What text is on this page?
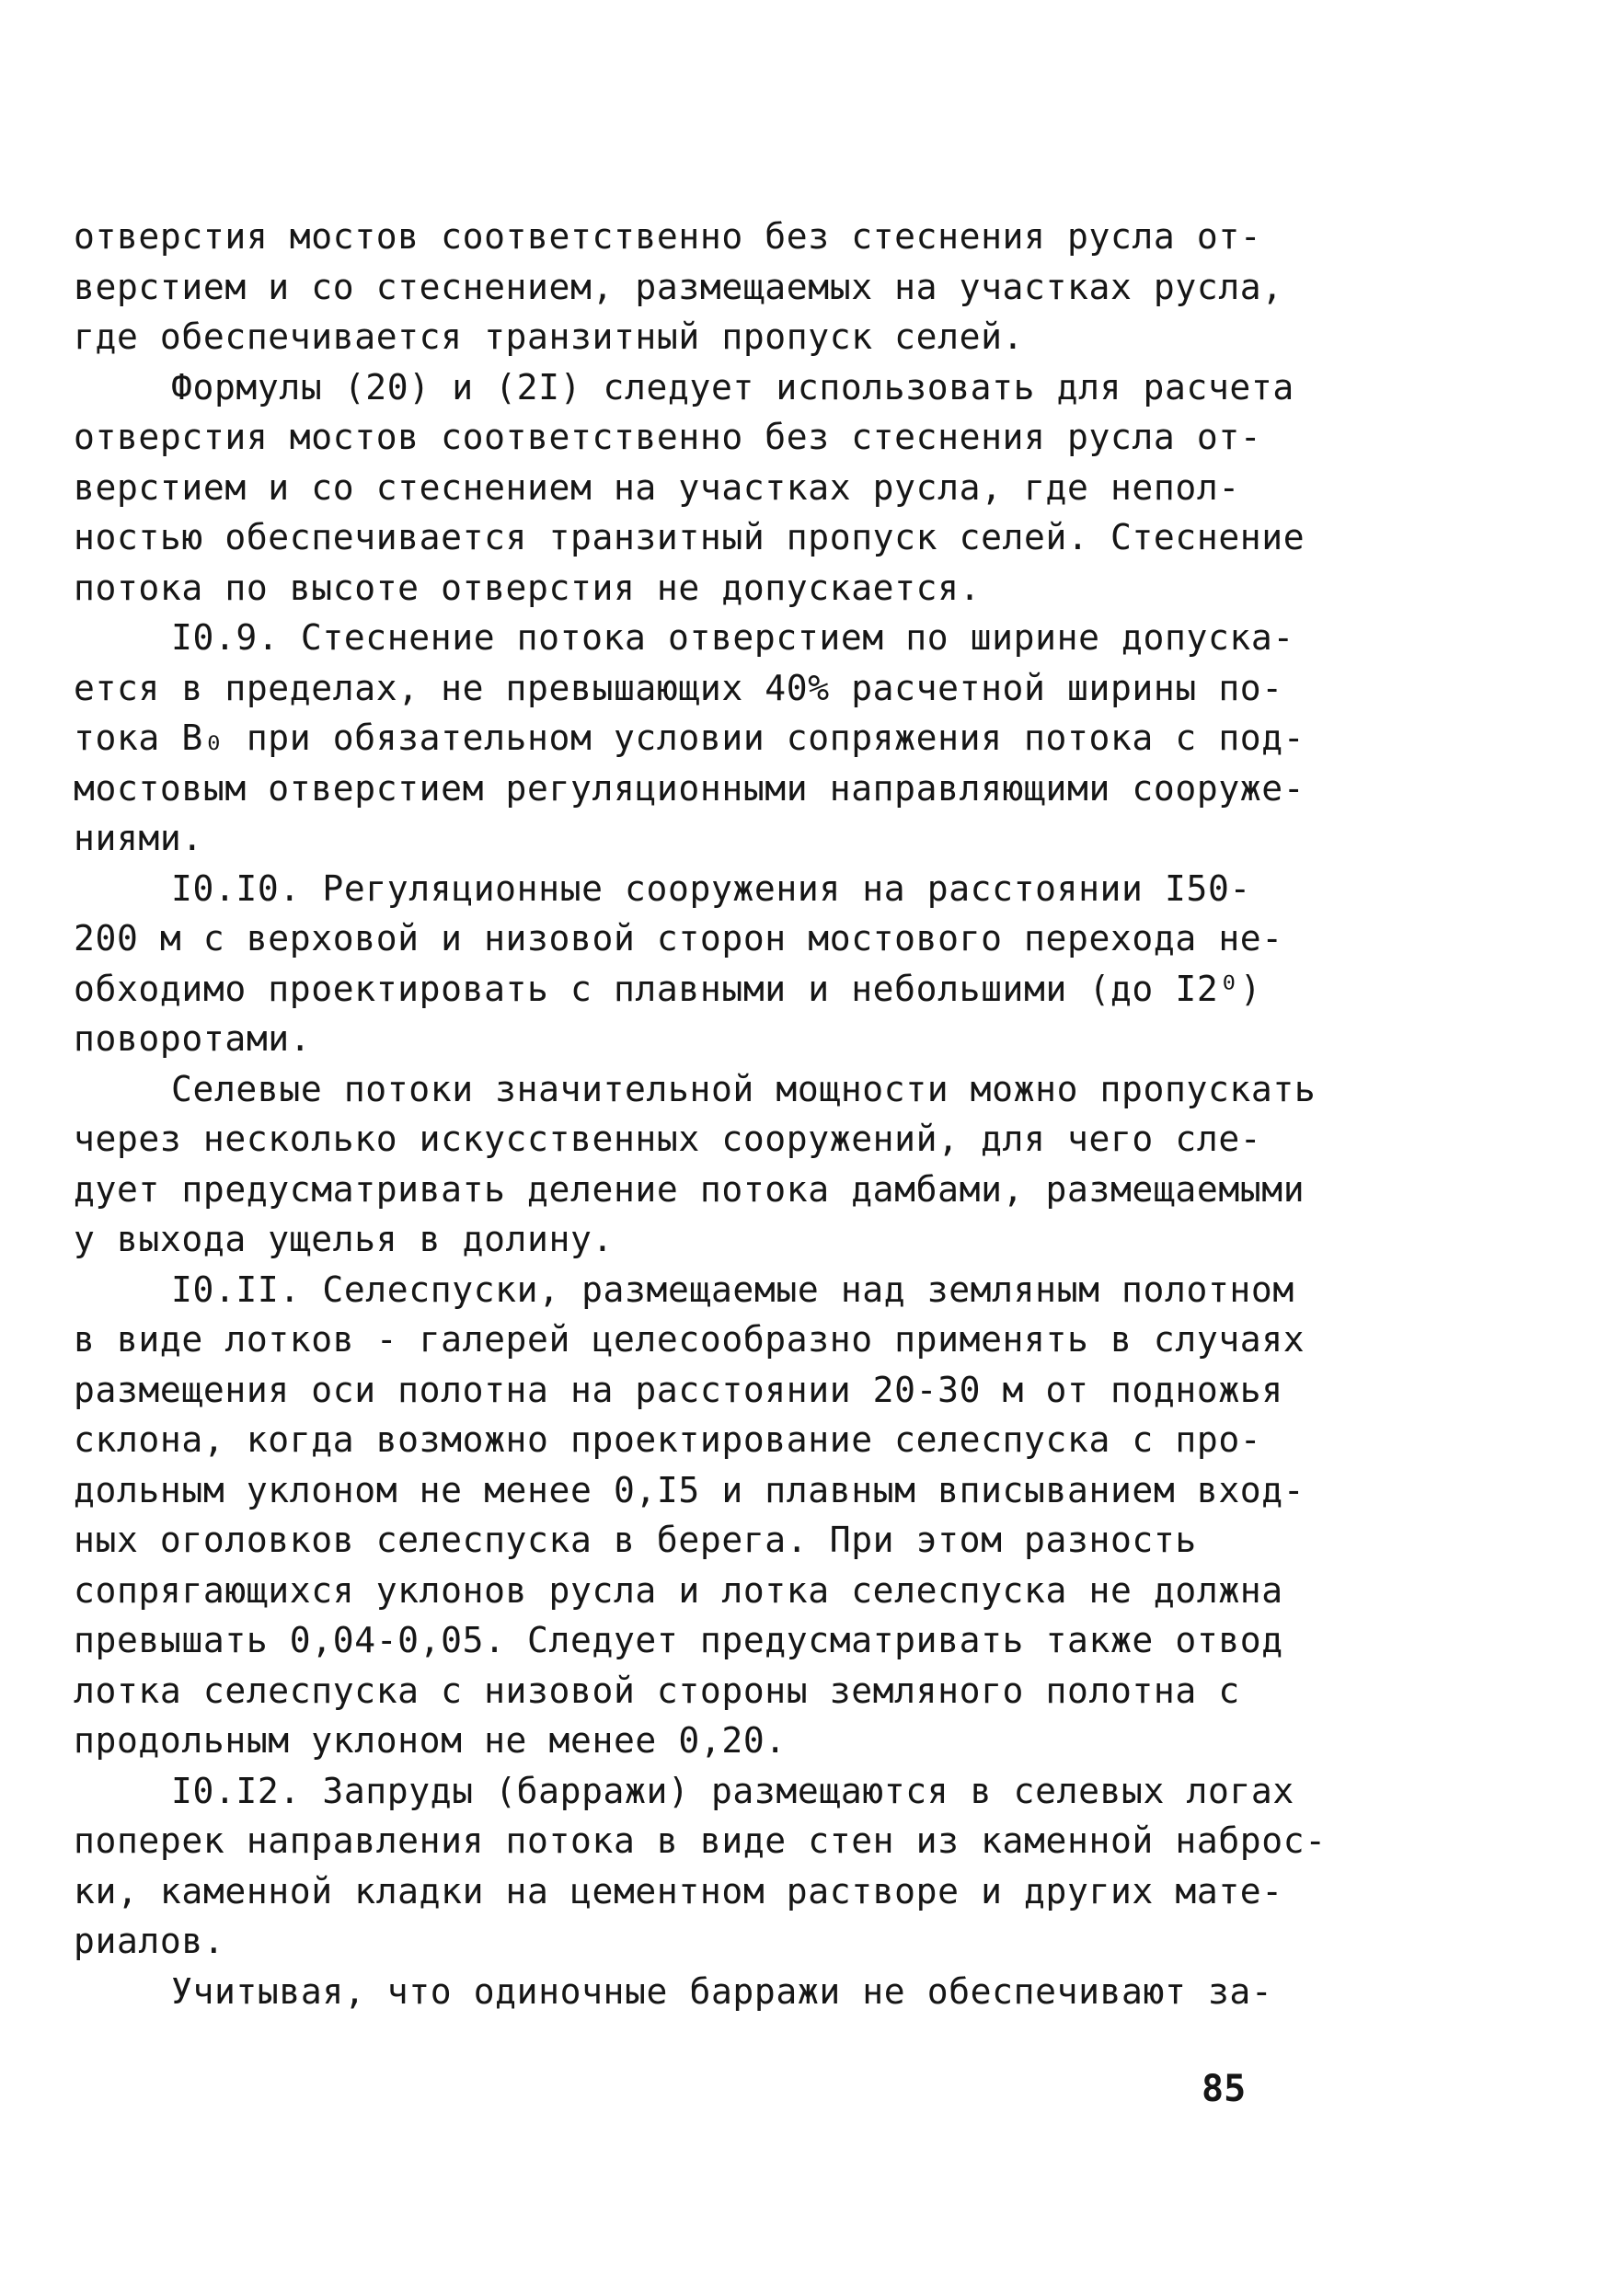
отверстия мостов соответственно без стеснения русла от-
верстием и со стеснением, размещаемых на участках русла,
где обеспечивается транзитный пропуск селей.
Формулы (20) и (2I) следует использовать для расчета
отверстия мостов соответственно без стеснения русла от-
верстием и со стеснением на участках русла, где непол-
ностью обеспечивается транзитный пропуск селей. Стеснение
потока по высоте отверстия не допускается.
I0.9. Стеснение потока отверстием по ширине допуска-
ется в пределах, не превышающих 40% расчетной ширины по-
тока B₀ при обязательном условии сопряжения потока с под-
мостовым отверстием регуляционными направляющими сооруже-
ниями.
I0.I0. Регуляционные сооружения на расстоянии I50-
200 м с верховой и низовой сторон мостового перехода не-
обходимо проектировать с плавными и небольшими (до I2⁰)
поворотами.
Селевые потоки значительной мощности можно пропускать
через несколько искусственных сооружений, для чего сле-
дует предусматривать деление потока дамбами, размещаемыми
у выхода ущелья в долину.
I0.II. Селеспуски, размещаемые над земляным полотном
в виде лотков - галерей целесообразно применять в случаях
размещения оси полотна на расстоянии 20-30 м от подножья
склона, когда возможно проектирование селеспуска с про-
дольным уклоном не менее 0,I5 и плавным вписыванием вход-
ных оголовков селеспуска в берега. При этом разность
сопрягающихся уклонов русла и лотка селеспуска не должна
превышать 0,04-0,05. Следует предусматривать также отвод
лотка селеспуска с низовой стороны земляного полотна с
продольным уклоном не менее 0,20.
I0.I2. Запруды (барражи) размещаются в селевых логах
поперек направления потока в виде стен из каменной наброс-
ки, каменной кладки на цементном растворе и других мате-
риалов.
Учитывая, что одиночные барражи не обеспечивают за-
85
